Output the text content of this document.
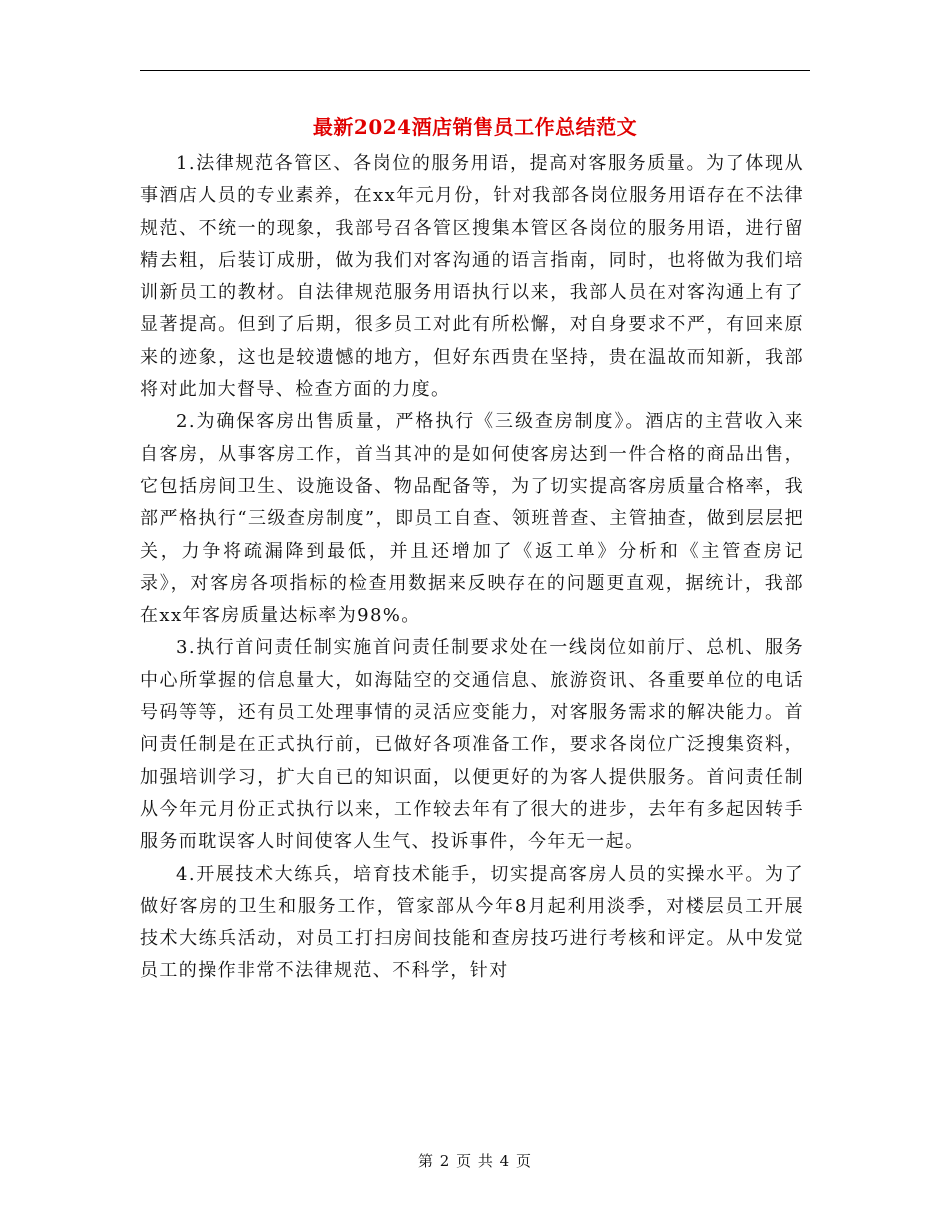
最新2024酒店销售员工作总结范文

1.法律规范各管区、各岗位的服务用语，提高对客服务质量。为了体现从事酒店人员的专业素养，在xx年元月份，针对我部各岗位服务用语存在不法律规范、不统一的现象，我部号召各管区搜集本管区各岗位的服务用语，进行留精去粗，后装订成册，做为我们对客沟通的语言指南，同时，也将做为我们培训新员工的教材。自法律规范服务用语执行以来，我部人员在对客沟通上有了显著提高。但到了后期，很多员工对此有所松懈，对自身要求不严，有回来原来的迹象，这也是较遗憾的地方，但好东西贵在坚持，贵在温故而知新，我部将对此加大督导、检查方面的力度。

2.为确保客房出售质量，严格执行《三级查房制度》。酒店的主营收入来自客房，从事客房工作，首当其冲的是如何使客房达到一件合格的商品出售，它包括房间卫生、设施设备、物品配备等，为了切实提高客房质量合格率，我部严格执行“三级查房制度”，即员工自查、领班普查、主管抽查，做到层层把关，力争将疏漏降到最低，并且还增加了《返工单》分析和《主管查房记录》，对客房各项指标的检查用数据来反映存在的问题更直观，据统计，我部在xx年客房质量达标率为98%。

3.执行首问责任制实施首问责任制要求处在一线岗位如前厅、总机、服务中心所掌握的信息量大，如海陆空的交通信息、旅游资讯、各重要单位的电话号码等等，还有员工处理事情的灵活应变能力，对客服务需求的解决能力。首问责任制是在正式执行前，已做好各项准备工作，要求各岗位广泛搜集资料，加强培训学习，扩大自已的知识面，以便更好的为客人提供服务。首问责任制从今年元月份正式执行以来，工作较去年有了很大的进步，去年有多起因转手服务而耽误客人时间使客人生气、投诉事件，今年无一起。

4.开展技术大练兵，培育技术能手，切实提高客房人员的实操水平。为了做好客房的卫生和服务工作，管家部从今年8月起利用淡季，对楼层员工开展技术大练兵活动，对员工打扫房间技能和查房技巧进行考核和评定。从中发觉员工的操作非常不法律规范、不科学，针对

第 2 页 共 4 页
